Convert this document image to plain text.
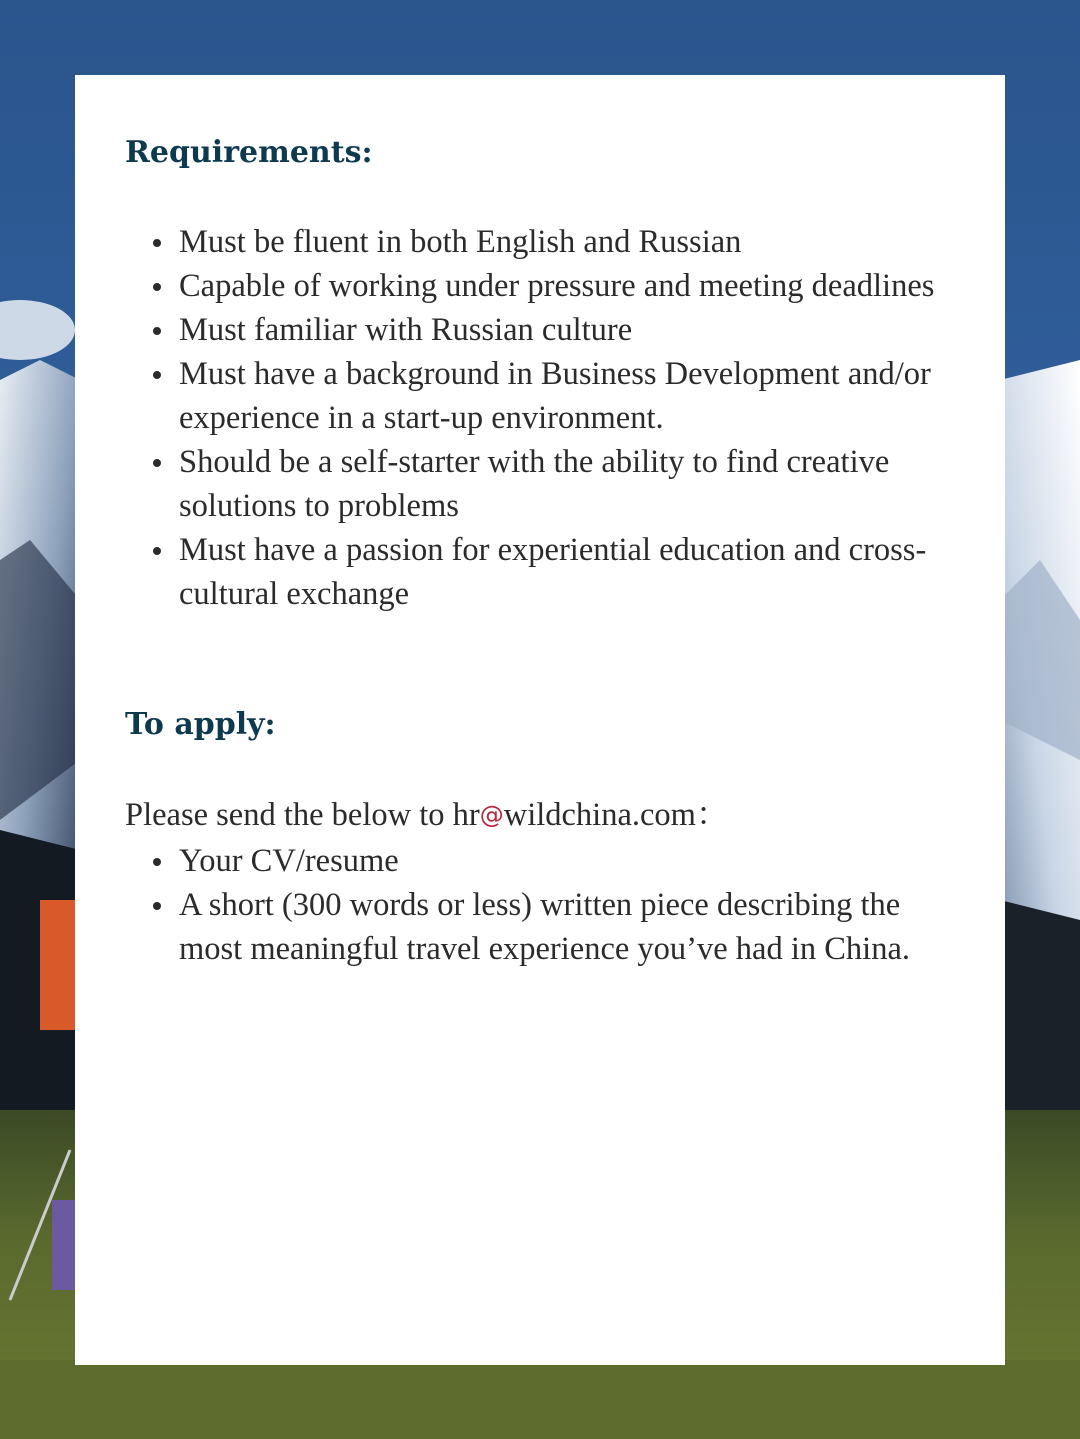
Requirements:
Must be fluent in both English and Russian
Capable of working under pressure and meeting deadlines
Must familiar with Russian culture
Must have a background in Business Development and/or experience in a start-up environment.
Should be a self-starter with the ability to find creative solutions to problems
Must have a passion for experiential education and cross-cultural exchange
To apply:

Please send the below to hr@wildchina.com：

Your CV/resume
A short (300 words or less) written piece describing the most meaningful travel experience you’ve had in China.
